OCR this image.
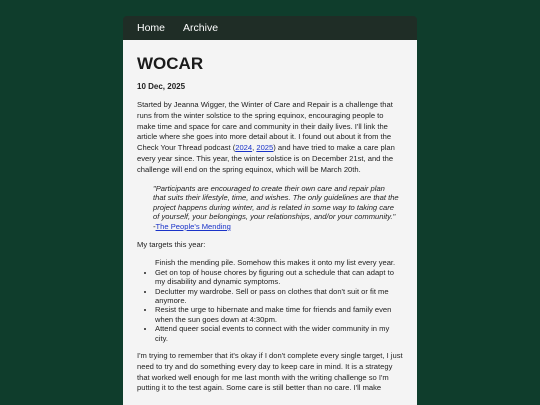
Home Archive
WOCAR
10 Dec, 2025

Started by Jeanna Wigger, the Winter of Care and Repair is a challenge that runs from the winter solstice to the spring equinox, encouraging people to make time and space for care and community in their daily lives. I'll link the article where she goes into more detail about it. I found out about it from the Check Your Thread podcast (2024, 2025) and have tried to make a care plan every year since. This year, the winter solstice is on December 21st, and the challenge will end on the spring equinox, which will be March 20th.

"Participants are encouraged to create their own care and repair plan that suits their lifestyle, time, and wishes. The only guidelines are that the project happens during winter, and is related in some way to taking care of yourself, your belongings, your relationships, and/or your community." -The People's Mending

My targets this year:

Finish the mending pile. Somehow this makes it onto my list every year.
• Get on top of house chores by figuring out a schedule that can adapt to my disability and dynamic symptoms.
• Declutter my wardrobe. Sell or pass on clothes that don't suit or fit me anymore.
• Resist the urge to hibernate and make time for friends and family even when the sun goes down at 4:30pm.
• Attend queer social events to connect with the wider community in my city.

I'm trying to remember that it's okay if I don't complete every single target, I just need to try and do something every day to keep care in mind. It is a strategy that worked well enough for me last month with the writing challenge so I'm putting it to the test again. Some care is still better than no care. I'll make
